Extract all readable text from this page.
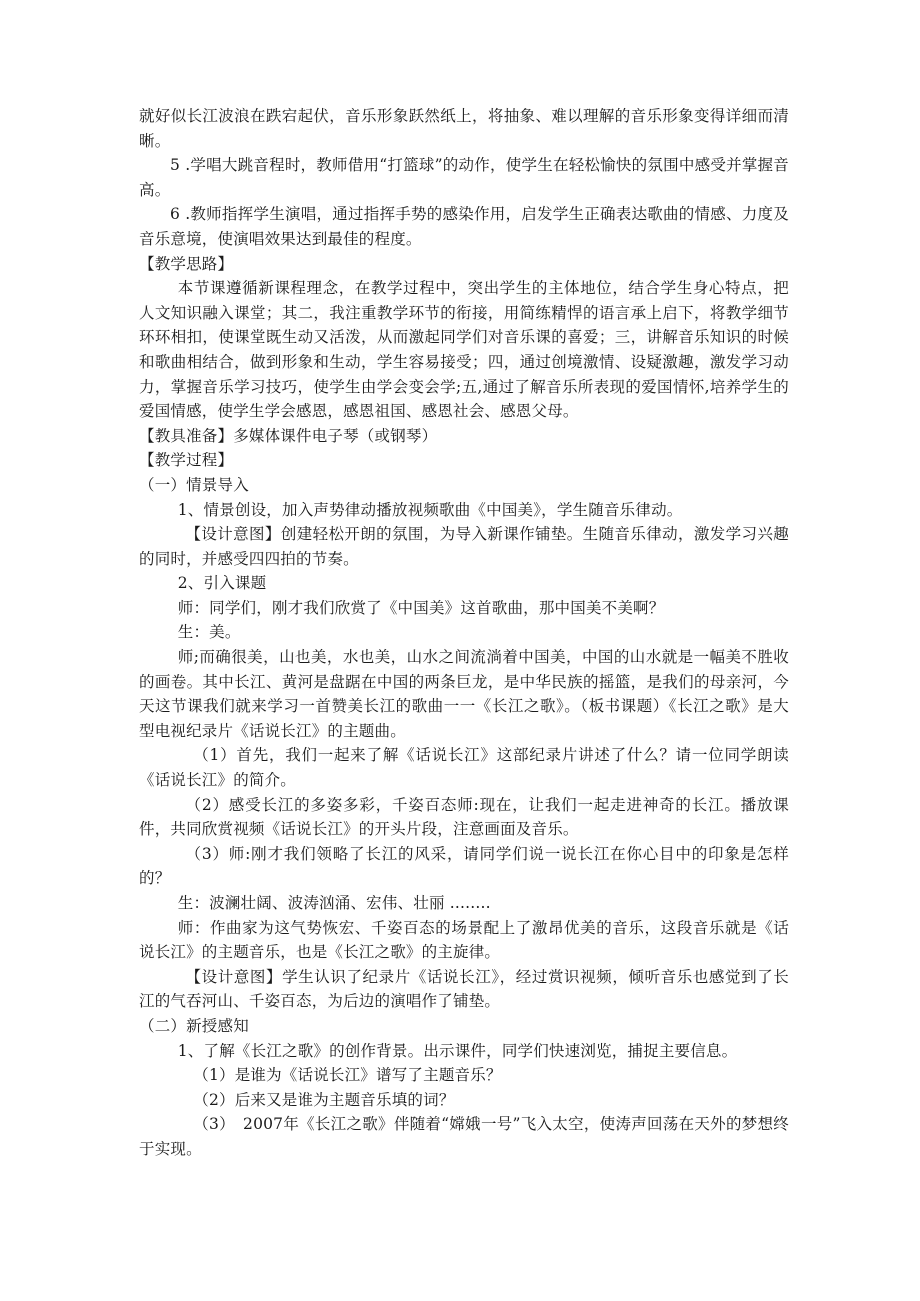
就好似长江波浪在跌宕起伏，音乐形象跃然纸上，将抽象、难以理解的音乐形象变得详细而清晰。

5 .学唱大跳音程时，教师借用“打篮球”的动作，使学生在轻松愉快的氛围中感受并掌握音高。

6 .教师指挥学生演唱，通过指挥手势的感染作用，启发学生正确表达歌曲的情感、力度及音乐意境，使演唱效果达到最佳的程度。

【教学思路】

本节课遵循新课程理念，在教学过程中，突出学生的主体地位，结合学生身心特点，把人文知识融入课堂；其二，我注重教学环节的衔接，用简练精悍的语言承上启下，将教学细节环环相扣，使课堂既生动又活泼，从而激起同学们对音乐课的喜爱；三，讲解音乐知识的时候和歌曲相结合，做到形象和生动，学生容易接受；四，通过创境激情、设疑激趣，激发学习动力，掌握音乐学习技巧，使学生由学会变会学;五,通过了解音乐所表现的爱国情怀,培养学生的爱国情感，使学生学会感恩，感恩祖国、感恩社会、感恩父母。

【教具准备】多媒体课件电子琴（或钢琴）

【教学过程】

（一）情景导入

1、情景创设，加入声势律动播放视频歌曲《中国美》，学生随音乐律动。

【设计意图】创建轻松开朗的氛围，为导入新课作铺垫。生随音乐律动，激发学习兴趣的同时，并感受四四拍的节奏。

2、引入课题

师：同学们，刚才我们欣赏了《中国美》这首歌曲，那中国美不美啊？

生：美。

师;而确很美，山也美，水也美，山水之间流淌着中国美，中国的山水就是一幅美不胜收的画卷。其中长江、黄河是盘踞在中国的两条巨龙，是中华民族的摇篮，是我们的母亲河，今天这节课我们就来学习一首赞美长江的歌曲一一《长江之歌》。（板书课题）《长江之歌》是大型电视纪录片《话说长江》的主题曲。

（1）首先，我们一起来了解《话说长江》这部纪录片讲述了什么？请一位同学朗读《话说长江》的简介。

（2）感受长江的多姿多彩，千姿百态师:现在，让我们一起走进神奇的长江。播放课件，共同欣赏视频《话说长江》的开头片段，注意画面及音乐。

（3）师:刚才我们领略了长江的风采，请同学们说一说长江在你心目中的印象是怎样的？

生：波澜壮阔、波涛汹涌、宏伟、壮丽 ........

师：作曲家为这气势恢宏、千姿百态的场景配上了激昂优美的音乐，这段音乐就是《话说长江》的主题音乐，也是《长江之歌》的主旋律。

【设计意图】学生认识了纪录片《话说长江》，经过赏识视频，倾听音乐也感觉到了长江的气吞河山、千姿百态，为后边的演唱作了铺垫。

（二）新授感知

1、了解《长江之歌》的创作背景。出示课件，同学们快速浏览，捕捉主要信息。

（1）是谁为《话说长江》谱写了主题音乐？

（2）后来又是谁为主题音乐填的词？

（3）　2007年《长江之歌》伴随着“嫦娥一号”飞入太空，使涛声回荡在天外的梦想终于实现。
